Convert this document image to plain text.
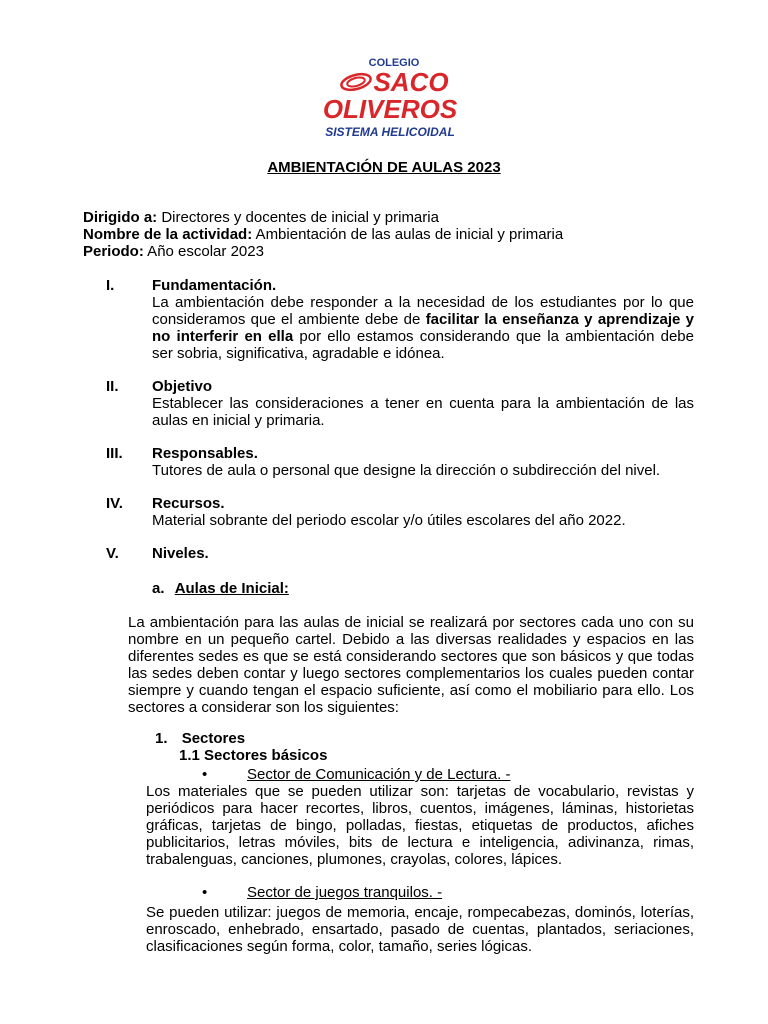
COLEGIO
SACO
OLIVEROS
SISTEMA HELICOIDAL
AMBIENTACIÓN DE AULAS 2023
Dirigido a: Directores y docentes de inicial y primaria
Nombre de la actividad: Ambientación de las aulas de inicial y primaria
Periodo: Año escolar 2023
I.	Fundamentación.
La ambientación debe responder a la necesidad de los estudiantes por lo que consideramos que el ambiente debe de facilitar la enseñanza y aprendizaje y no interferir en ella por ello estamos considerando que la ambientación debe ser sobria, significativa, agradable e idónea.
II. Objetivo
Establecer las consideraciones a tener en cuenta para la ambientación de las aulas en inicial y primaria.
III. Responsables.
Tutores de aula o personal que designe la dirección o subdirección del nivel.
IV. Recursos.
Material sobrante del periodo escolar y/o útiles escolares del año 2022.
V. Niveles.
a. Aulas de Inicial:
La ambientación para las aulas de inicial se realizará por sectores cada uno con su nombre en un pequeño cartel. Debido a las diversas realidades y espacios en las diferentes sedes es que se está considerando sectores que son básicos y que todas las sedes deben contar y luego sectores complementarios los cuales pueden contar siempre y cuando tengan el espacio suficiente, así como el mobiliario para ello. Los sectores a considerar son los siguientes:
1. Sectores
1.1 Sectores básicos
•	Sector de Comunicación y de Lectura. -
Los materiales que se pueden utilizar son: tarjetas de vocabulario, revistas y periódicos para hacer recortes, libros, cuentos, imágenes, láminas, historietas gráficas, tarjetas de bingo, polladas, fiestas, etiquetas de productos, afiches publicitarios, letras móviles, bits de lectura e inteligencia, adivinanza, rimas, trabalenguas, canciones, plumones, crayolas, colores, lápices.
•	Sector de juegos tranquilos. -
Se pueden utilizar: juegos de memoria, encaje, rompecabezas, dominós, loterías, enroscado, enhebrado, ensartado, pasado de cuentas, plantados, seriaciones, clasificaciones según forma, color, tamaño, series lógicas.
